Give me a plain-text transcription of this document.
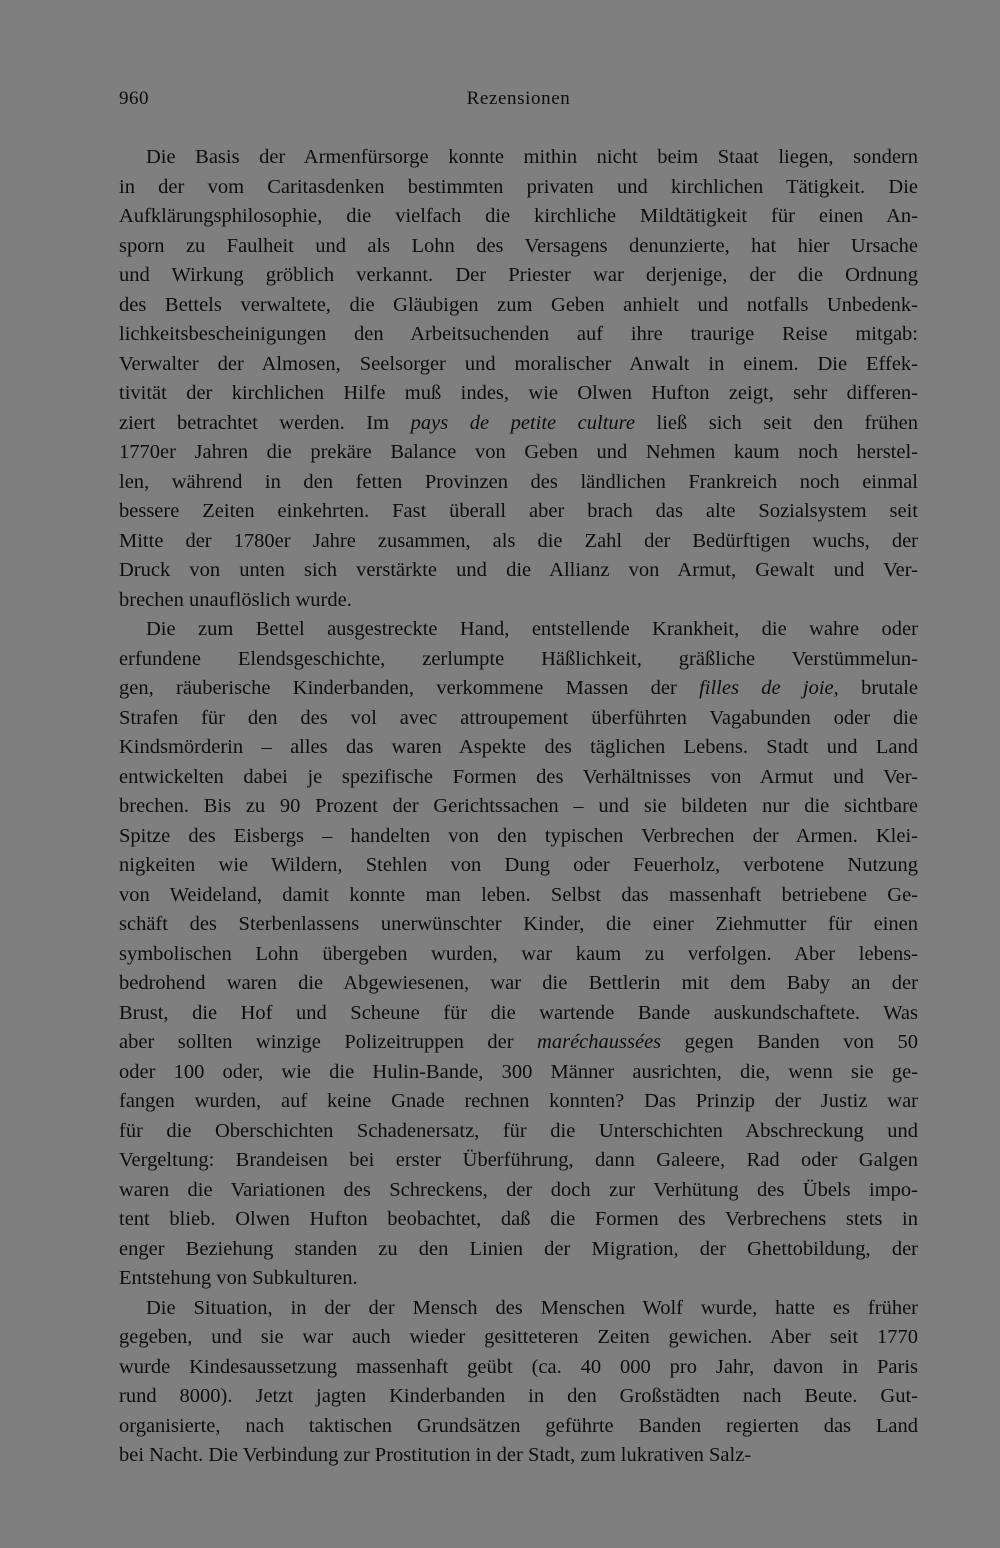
960	Rezensionen
Die Basis der Armenfürsorge konnte mithin nicht beim Staat liegen, sondern
in der vom Caritasdenken bestimmten privaten und kirchlichen Tätigkeit. Die
Aufklärungsphilosophie, die vielfach die kirchliche Mildtätigkeit für einen An-
sporn zu Faulheit und als Lohn des Versagens denunzierte, hat hier Ursache
und Wirkung gröblich verkannt. Der Priester war derjenige, der die Ordnung
des Bettels verwaltete, die Gläubigen zum Geben anhielt und notfalls Unbedenk-
lichkeitsbescheinigungen den Arbeitsuchenden auf ihre traurige Reise mitgab:
Verwalter der Almosen, Seelsorger und moralischer Anwalt in einem. Die Effek-
tivität der kirchlichen Hilfe muß indes, wie Olwen Hufton zeigt, sehr differen-
ziert betrachtet werden. Im pays de petite culture ließ sich seit den frühen
1770er Jahren die prekäre Balance von Geben und Nehmen kaum noch herstel-
len, während in den fetten Provinzen des ländlichen Frankreich noch einmal
bessere Zeiten einkehrten. Fast überall aber brach das alte Sozialsystem seit
Mitte der 1780er Jahre zusammen, als die Zahl der Bedürftigen wuchs, der
Druck von unten sich verstärkte und die Allianz von Armut, Gewalt und Ver-
brechen unauflöslich wurde.
Die zum Bettel ausgestreckte Hand, entstellende Krankheit, die wahre oder
erfundene Elendsgeschichte, zerlumpte Häßlichkeit, gräßliche Verstümmelun-
gen, räuberische Kinderbanden, verkommene Massen der filles de joie, brutale
Strafen für den des vol avec attroupement überführten Vagabunden oder die
Kindsmörderin – alles das waren Aspekte des täglichen Lebens. Stadt und Land
entwickelten dabei je spezifische Formen des Verhältnisses von Armut und Ver-
brechen. Bis zu 90 Prozent der Gerichtssachen – und sie bildeten nur die sichtbare
Spitze des Eisbergs – handelten von den typischen Verbrechen der Armen. Klei-
nigkeiten wie Wildern, Stehlen von Dung oder Feuerholz, verbotene Nutzung
von Weideland, damit konnte man leben. Selbst das massenhaft betriebene Ge-
schäft des Sterbenlassens unerwünschter Kinder, die einer Ziehmutter für einen
symbolischen Lohn übergeben wurden, war kaum zu verfolgen. Aber lebens-
bedrohend waren die Abgewiesenen, war die Bettlerin mit dem Baby an der
Brust, die Hof und Scheune für die wartende Bande auskundschaftete. Was
aber sollten winzige Polizeitruppen der maréchaussées gegen Banden von 50
oder 100 oder, wie die Hulin-Bande, 300 Männer ausrichten, die, wenn sie ge-
fangen wurden, auf keine Gnade rechnen konnten? Das Prinzip der Justiz war
für die Oberschichten Schadenersatz, für die Unterschichten Abschreckung und
Vergeltung: Brandeisen bei erster Überführung, dann Galeere, Rad oder Galgen
waren die Variationen des Schreckens, der doch zur Verhütung des Übels impo-
tent blieb. Olwen Hufton beobachtet, daß die Formen des Verbrechens stets in
enger Beziehung standen zu den Linien der Migration, der Ghettobildung, der
Entstehung von Subkulturen.
Die Situation, in der der Mensch des Menschen Wolf wurde, hatte es früher
gegeben, und sie war auch wieder gesitteteren Zeiten gewichen. Aber seit 1770
wurde Kindesaussetzung massenhaft geübt (ca. 40 000 pro Jahr, davon in Paris
rund 8000). Jetzt jagten Kinderbanden in den Großstädten nach Beute. Gut-
organisierte, nach taktischen Grundsätzen geführte Banden regierten das Land
bei Nacht. Die Verbindung zur Prostitution in der Stadt, zum lukrativen Salz-
